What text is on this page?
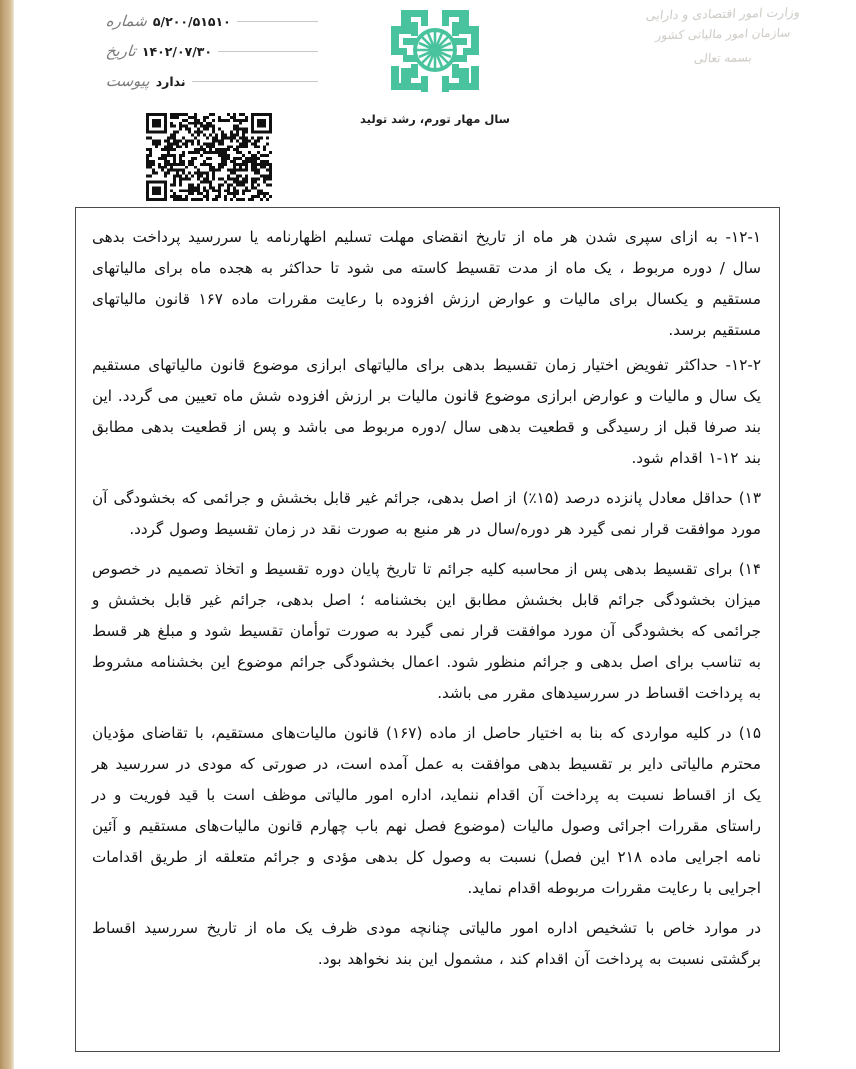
شماره ۵/۲۰۰/۵۱۵۱۰
تاریخ ۱۴۰۲/۰۷/۳۰
پیوست ندارد
سال مهار تورم، رشد تولید
وزارت امور اقتصادی و دارایی
سازمان امور مالیاتی کشور
بسمه تعالی

۱۲-۱- به ازای سپری شدن هر ماه از تاریخ انقضای مهلت تسلیم اظهارنامه یا سررسید پرداخت بدهی سال / دوره مربوط ، یک ماه از مدت تقسیط کاسته می شود تا حداکثر به هجده ماه برای مالیاتهای مستقیم و یکسال برای مالیات و عوارض ارزش افزوده با رعایت مقررات ماده ۱۶۷ قانون مالیاتهای مستقیم برسد.

۱۲-۲- حداکثر تفویض اختیار زمان تقسیط بدهی برای مالیاتهای ابرازی موضوع قانون مالیاتهای مستقیم یک سال و مالیات و عوارض ابرازی موضوع قانون مالیات بر ارزش افزوده شش ماه تعیین می گردد. این بند صرفا قبل از رسیدگی و قطعیت بدهی سال /دوره مربوط می باشد و پس از قطعیت بدهی مطابق بند ۱۲-۱ اقدام شود.

۱۳) حداقل معادل پانزده درصد (۱۵٪) از اصل بدهی، جرائم غیر قابل بخشش و جرائمی که بخشودگی آن مورد موافقت قرار نمی گیرد هر دوره/سال در هر منبع به صورت نقد در زمان تقسیط وصول گردد.

۱۴) برای تقسیط بدهی پس از محاسبه کلیه جرائم تا تاریخ پایان دوره تقسیط و اتخاذ تصمیم در خصوص میزان بخشودگی جرائم قابل بخشش مطابق این بخشنامه ؛ اصل بدهی، جرائم غیر قابل بخشش و جرائمی که بخشودگی آن مورد موافقت قرار نمی گیرد به صورت توأمان تقسیط شود و مبلغ هر قسط به تناسب برای اصل بدهی و جرائم منظور شود. اعمال بخشودگی جرائم موضوع این بخشنامه مشروط به پرداخت اقساط در سررسیدهای مقرر می باشد.

۱۵) در کلیه مواردی که بنا به اختیار حاصل از ماده (۱۶۷) قانون مالیات‌های مستقیم، با تقاضای مؤدیان محترم مالیاتی دایر بر تقسیط بدهی موافقت به عمل آمده است، در صورتی که مودی در سررسید هر یک از اقساط نسبت به پرداخت آن اقدام ننماید، اداره امور مالیاتی موظف است با قید فوریت و در راستای مقررات اجرائی وصول مالیات (موضوع فصل نهم باب چهارم قانون مالیات‌های مستقیم و آئین نامه اجرایی ماده ۲۱۸ این فصل) نسبت به وصول کل بدهی مؤدی و جرائم متعلقه از طریق اقدامات اجرایی با رعایت مقررات مربوطه اقدام نماید.

در موارد خاص با تشخیص اداره امور مالیاتی چنانچه مودی ظرف یک ماه از تاریخ سررسید اقساط برگشتی نسبت به پرداخت آن اقدام کند ، مشمول این بند نخواهد بود.
